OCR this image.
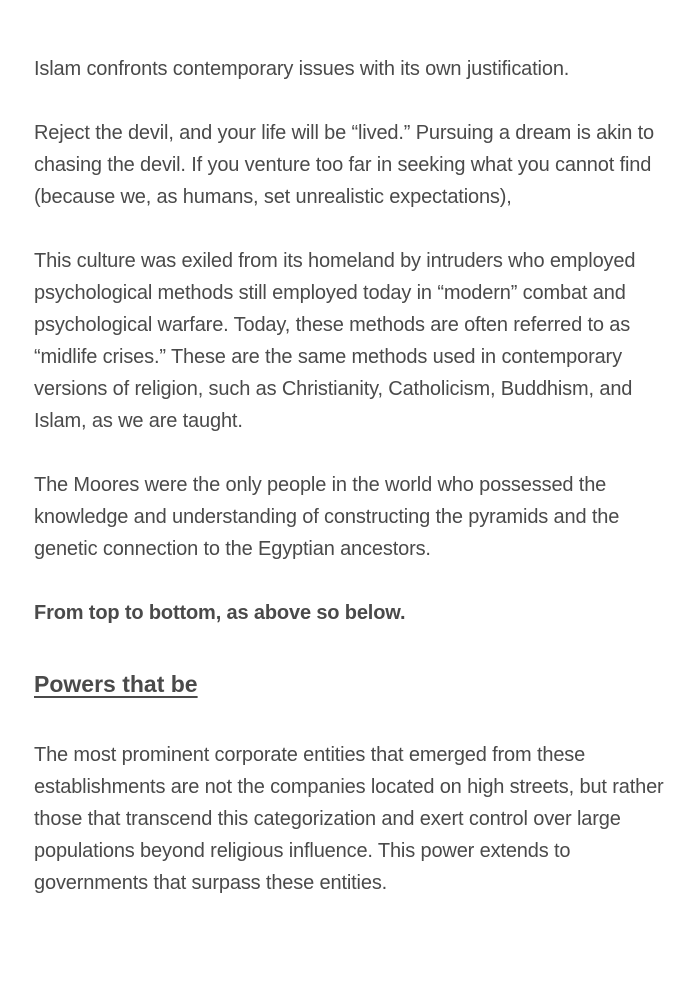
Islam confronts contemporary issues with its own justification.

Reject the devil, and your life will be “lived.” Pursuing a dream is akin to chasing the devil. If you venture too far in seeking what you cannot find (because we, as humans, set unrealistic expectations),

This culture was exiled from its homeland by intruders who employed psychological methods still employed today in “modern” combat and psychological warfare. Today, these methods are often referred to as “midlife crises.” These are the same methods used in contemporary versions of religion, such as Christianity, Catholicism, Buddhism, and Islam, as we are taught.

The Moores were the only people in the world who possessed the knowledge and understanding of constructing the pyramids and the genetic connection to the Egyptian ancestors.

From top to bottom, as above so below.

Powers that be

The most prominent corporate entities that emerged from these establishments are not the companies located on high streets, but rather those that transcend this categorization and exert control over large populations beyond religious influence. This power extends to governments that surpass these entities.
